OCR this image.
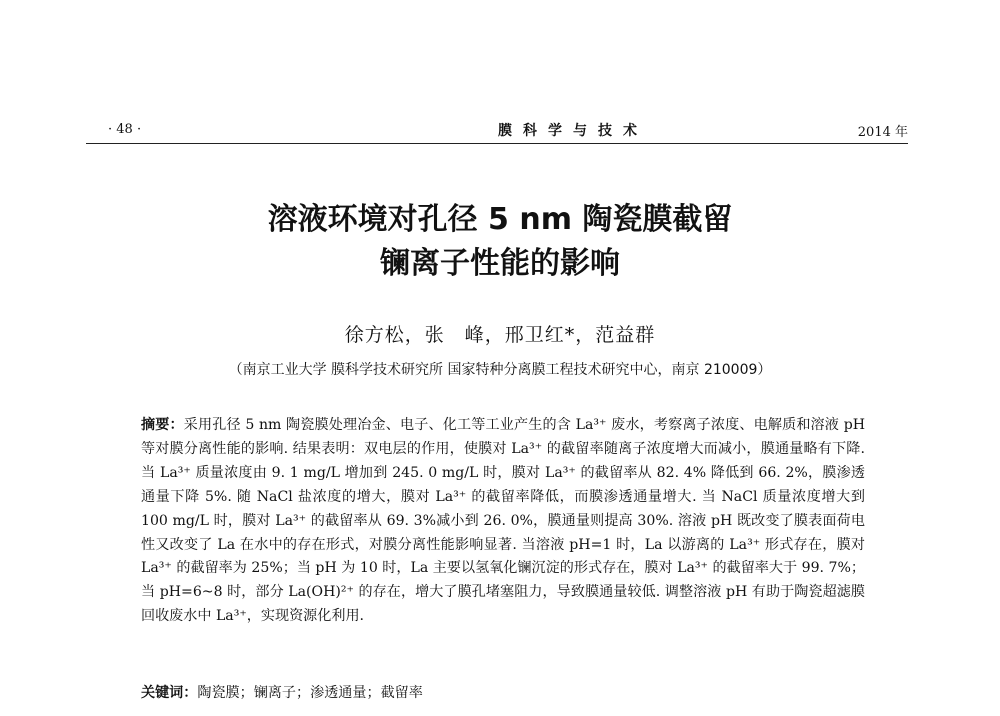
· 48 ·	膜科学与技术	2014 年
溶液环境对孔径 5 nm 陶瓷膜截留
镧离子性能的影响
徐方松，张　峰，邢卫红*，范益群
（南京工业大学 膜科学技术研究所 国家特种分离膜工程技术研究中心，南京 210009）

摘要：采用孔径 5 nm 陶瓷膜处理冶金、电子、化工等工业产生的含 La³⁺ 废水，考察离子浓度、电解质和溶液 pH 等对膜分离性能的影响. 结果表明：双电层的作用，使膜对 La³⁺ 的截留率随离子浓度增大而减小，膜通量略有下降. 当 La³⁺ 质量浓度由 9. 1 mg/L 增加到 245. 0 mg/L 时，膜对 La³⁺ 的截留率从 82. 4% 降低到 66. 2%，膜渗透通量下降 5%. 随 NaCl 盐浓度的增大，膜对 La³⁺ 的截留率降低，而膜渗透通量增大. 当 NaCl 质量浓度增大到 100 mg/L 时，膜对 La³⁺ 的截留率从 69. 3%减小到 26. 0%，膜通量则提高 30%. 溶液 pH 既改变了膜表面荷电性又改变了 La 在水中的存在形式，对膜分离性能影响显著. 当溶液 pH=1 时，La 以游离的 La³⁺ 形式存在，膜对 La³⁺ 的截留率为 25%；当 pH 为 10 时，La 主要以氢氧化镧沉淀的形式存在，膜对 La³⁺ 的截留率大于 99. 7%；当 pH=6~8 时，部分 La(OH)²⁺ 的存在，增大了膜孔堵塞阻力，导致膜通量较低. 调整溶液 pH 有助于陶瓷超滤膜回收废水中 La³⁺，实现资源化利用.

关键词：陶瓷膜；镧离子；渗透通量；截留率
